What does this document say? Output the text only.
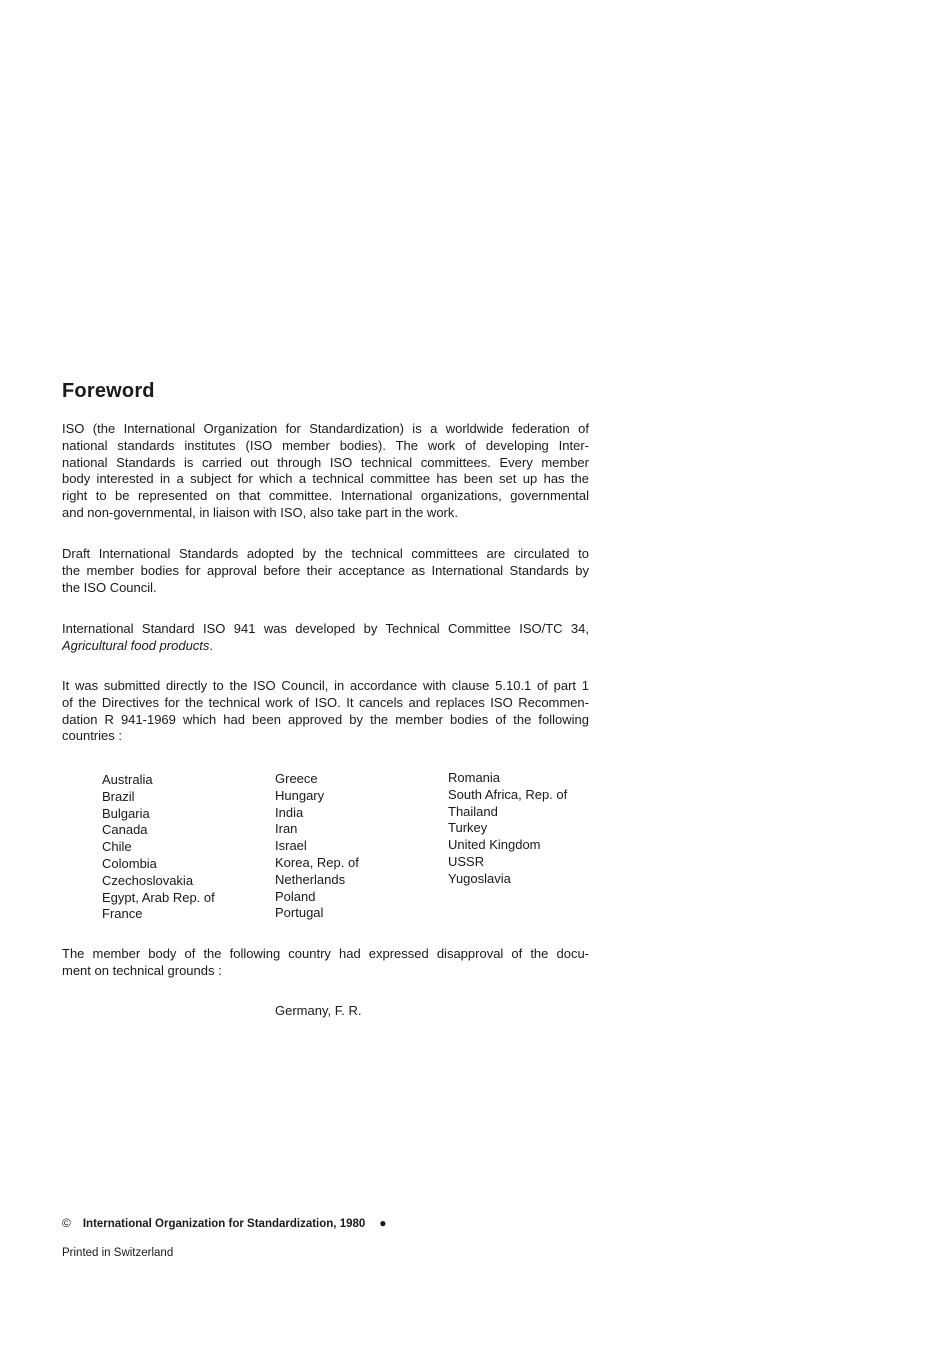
Foreword

ISO (the International Organization for Standardization) is a worldwide federation of
national standards institutes (ISO member bodies). The work of developing Inter-
national Standards is carried out through ISO technical committees. Every member
body interested in a subject for which a technical committee has been set up has the
right to be represented on that committee. International organizations, governmental
and non-governmental, in liaison with ISO, also take part in the work.

Draft International Standards adopted by the technical committees are circulated to
the member bodies for approval before their acceptance as International Standards by
the ISO Council.

International Standard ISO 941 was developed by Technical Committee ISO/TC 34,
Agricultural food products.

It was submitted directly to the ISO Council, in accordance with clause 5.10.1 of part 1
of the Directives for the technical work of ISO. It cancels and replaces ISO Recommen-
dation R 941-1969 which had been approved by the member bodies of the following
countries :

Australia
Brazil
Bulgaria
Canada
Chile
Colombia
Czechoslovakia
Egypt, Arab Rep. of
France
Greece
Hungary
India
Iran
Israel
Korea, Rep. of
Netherlands
Poland
Portugal
Romania
South Africa, Rep. of
Thailand
Turkey
United Kingdom
USSR
Yugoslavia

The member body of the following country had expressed disapproval of the docu-
ment on technical grounds :

Germany, F. R.
© International Organization for Standardization, 1980 ●
Printed in Switzerland
